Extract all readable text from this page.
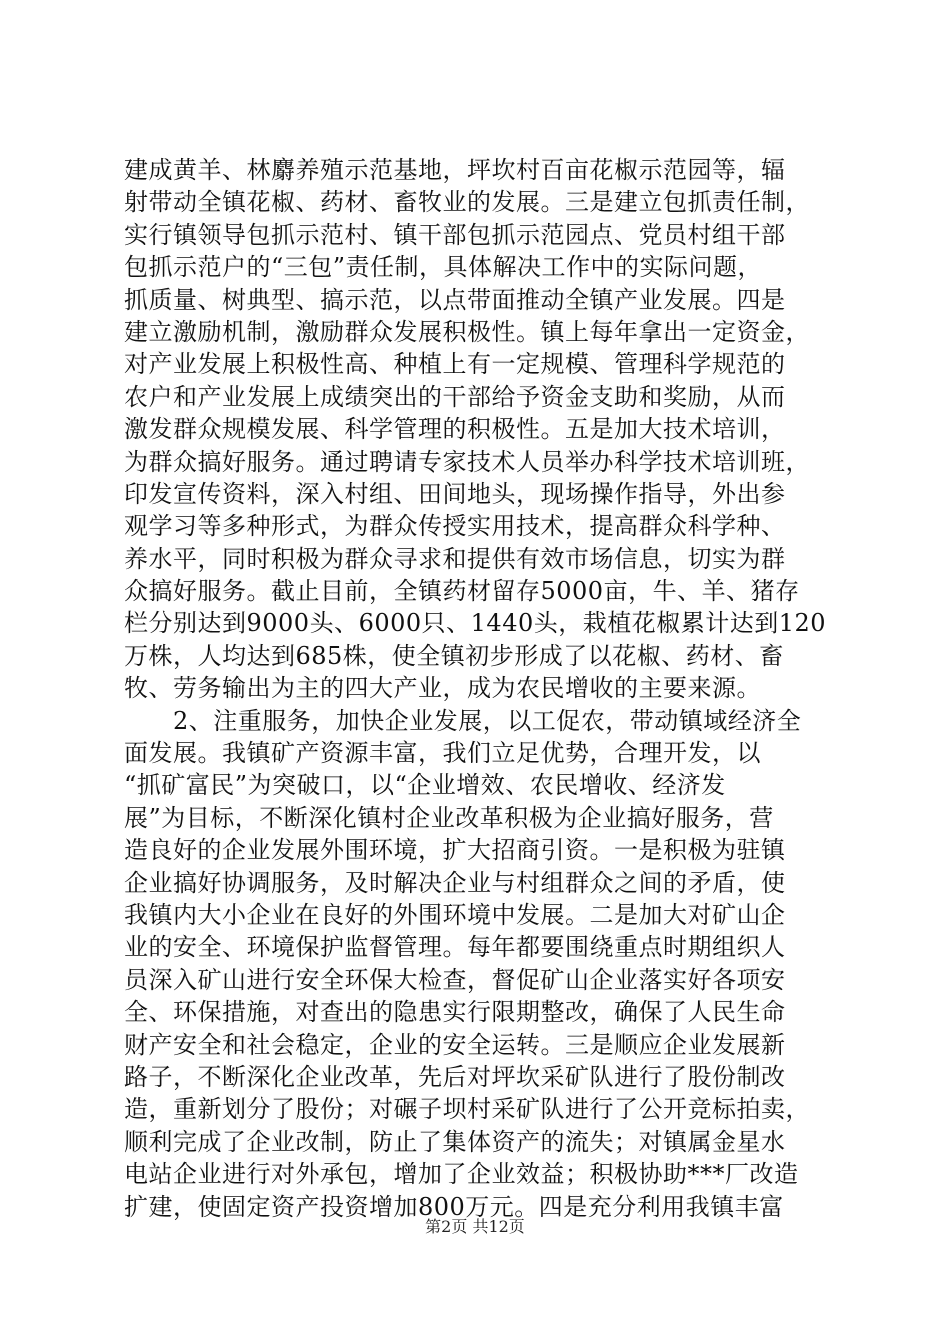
建成黄羊、林麝养殖示范基地，坪坎村百亩花椒示范园等，辐
射带动全镇花椒、药材、畜牧业的发展。三是建立包抓责任制，
实行镇领导包抓示范村、镇干部包抓示范园点、党员村组干部
包抓示范户的“三包”责任制，具体解决工作中的实际问题，
抓质量、树典型、搞示范，以点带面推动全镇产业发展。四是
建立激励机制，激励群众发展积极性。镇上每年拿出一定资金，
对产业发展上积极性高、种植上有一定规模、管理科学规范的
农户和产业发展上成绩突出的干部给予资金支助和奖励，从而
激发群众规模发展、科学管理的积极性。五是加大技术培训，
为群众搞好服务。通过聘请专家技术人员举办科学技术培训班，
印发宣传资料，深入村组、田间地头，现场操作指导，外出参
观学习等多种形式，为群众传授实用技术，提高群众科学种、
养水平，同时积极为群众寻求和提供有效市场信息，切实为群
众搞好服务。截止目前，全镇药材留存5000亩，牛、羊、猪存
栏分别达到9000头、6000只、1440头，栽植花椒累计达到120
万株，人均达到685株，使全镇初步形成了以花椒、药材、畜
牧、劳务输出为主的四大产业，成为农民增收的主要来源。
　　2、注重服务，加快企业发展，以工促农，带动镇域经济全
面发展。我镇矿产资源丰富，我们立足优势，合理开发，以
“抓矿富民”为突破口，以“企业增效、农民增收、经济发
展”为目标，不断深化镇村企业改革积极为企业搞好服务，营
造良好的企业发展外围环境，扩大招商引资。一是积极为驻镇
企业搞好协调服务，及时解决企业与村组群众之间的矛盾，使
我镇内大小企业在良好的外围环境中发展。二是加大对矿山企
业的安全、环境保护监督管理。每年都要围绕重点时期组织人
员深入矿山进行安全环保大检查，督促矿山企业落实好各项安
全、环保措施，对查出的隐患实行限期整改，确保了人民生命
财产安全和社会稳定，企业的安全运转。三是顺应企业发展新
路子，不断深化企业改革，先后对坪坎采矿队进行了股份制改
造，重新划分了股份；对碾子坝村采矿队进行了公开竞标拍卖，
顺利完成了企业改制，防止了集体资产的流失；对镇属金星水
电站企业进行对外承包，增加了企业效益；积极协助***厂改造
扩建，使固定资产投资增加800万元。四是充分利用我镇丰富
第2页 共12页
